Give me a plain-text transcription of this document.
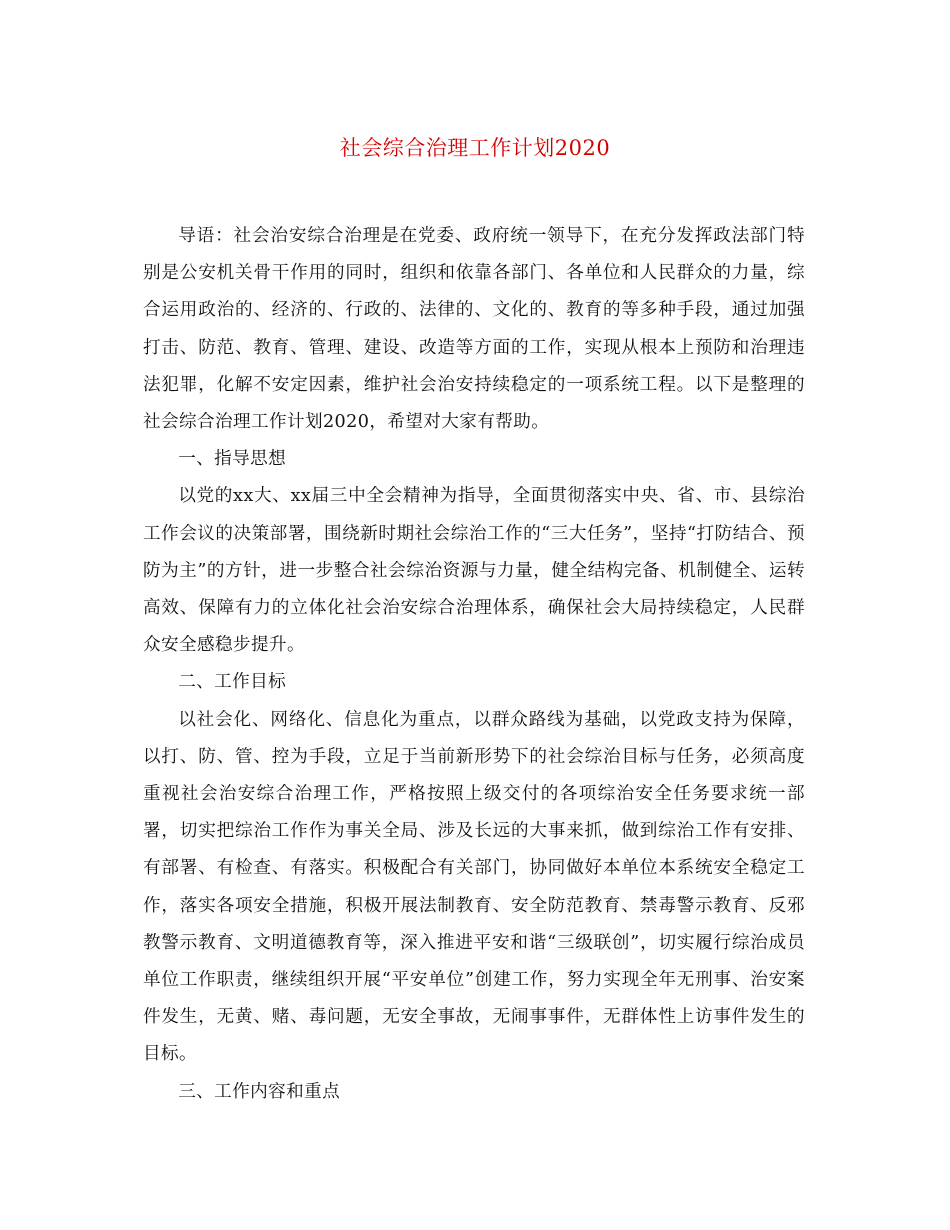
社会综合治理工作计划2020

导语：社会治安综合治理是在党委、政府统一领导下，在充分发挥政法部门特别是公安机关骨干作用的同时，组织和依靠各部门、各单位和人民群众的力量，综合运用政治的、经济的、行政的、法律的、文化的、教育的等多种手段，通过加强打击、防范、教育、管理、建设、改造等方面的工作，实现从根本上预防和治理违法犯罪，化解不安定因素，维护社会治安持续稳定的一项系统工程。以下是整理的社会综合治理工作计划2020，希望对大家有帮助。

一、指导思想

以党的xx大、xx届三中全会精神为指导，全面贯彻落实中央、省、市、县综治工作会议的决策部署，围绕新时期社会综治工作的“三大任务”，坚持“打防结合、预防为主”的方针，进一步整合社会综治资源与力量，健全结构完备、机制健全、运转高效、保障有力的立体化社会治安综合治理体系，确保社会大局持续稳定，人民群众安全感稳步提升。

二、工作目标

以社会化、网络化、信息化为重点，以群众路线为基础，以党政支持为保障，以打、防、管、控为手段，立足于当前新形势下的社会综治目标与任务，必须高度重视社会治安综合治理工作，严格按照上级交付的各项综治安全任务要求统一部署，切实把综治工作作为事关全局、涉及长远的大事来抓，做到综治工作有安排、有部署、有检查、有落实。积极配合有关部门，协同做好本单位本系统安全稳定工作，落实各项安全措施，积极开展法制教育、安全防范教育、禁毒警示教育、反邪教警示教育、文明道德教育等，深入推进平安和谐“三级联创”，切实履行综治成员单位工作职责，继续组织开展“平安单位”创建工作，努力实现全年无刑事、治安案件发生，无黄、赌、毒问题，无安全事故，无闹事事件，无群体性上访事件发生的目标。

三、工作内容和重点
